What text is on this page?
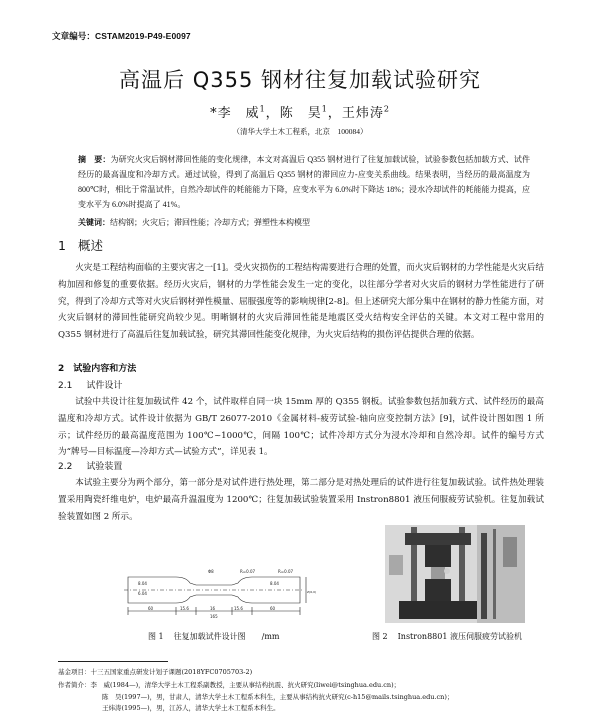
文章编号：CSTAM2019-P49-E0097
高温后 Q355 钢材往复加载试验研究
*李　威$^1$，陈　昊$^1$，王炜涛$^2$
（清华大学土木工程系，北京　100084）
摘　要：为研究火灾后钢材滞回性能的变化规律，本文对高温后 Q355 钢材进行了往复加载试验，试验参数包括加载方式、试件经历的最高温度和冷却方式。通过试验，得到了高温后 Q355 钢材的滞回应力-应变关系曲线。结果表明，当经历的最高温度为 800℃时，相比于常温试件，自然冷却试件的耗能能力下降，应变水平为 6.0%时下降达 18%；浸水冷却试件的耗能能力提高，应变水平为 6.0%时提高了 41%。
关键词：结构钢；火灾后；滞回性能；冷却方式；弹塑性本构模型
1 概述
火灾是工程结构面临的主要灾害之一[1]。受火灾损伤的工程结构需要进行合理的处置，而火灾后钢材的力学性能是火灾后结构加固和修复的重要依据。经历火灾后，钢材的力学性能会发生一定的变化，以往部分学者对火灾后的钢材力学性能进行了研究，得到了冷却方式等对火灾后钢材弹性模量、屈服强度等的影响规律[2-8]。但上述研究大部分集中在钢材的静力性能方面，对火灾后钢材的滞回性能研究尚较少见。明晰钢材的火灾后滞回性能是地震区受火结构安全评估的关键。本文对工程中常用的 Q355 钢材进行了高温后往复加载试验，研究其滞回性能变化规律，为火灾后结构的损伤评估提供合理的依据。
2　试验内容和方法
2.1 试件设计
试验中共设计往复加载试件 42 个，试件取样自同一块 15mm 厚的 Q355 钢板。试验参数包括加载方式、试件经历的最高温度和冷却方式。试件设计依据为 GB/T 26077-2010《金属材料-疲劳试验-轴向应变控制方法》[9]，试件设计图如图 1 所示；试件经历的最高温度范围为 100℃~1000℃，间隔 100℃；试件冷却方式分为浸水冷却和自然冷却。试件的编号方式为“牌号—目标温度—冷却方式—试验方式”，详见表 1。
2.2 试验装置
本试验主要分为两个部分，第一部分是对试件进行热处理，第二部分是对热处理后的试件进行往复加载试验。试件热处理装置采用陶瓷纤维电炉，电炉最高升温温度为 1200℃；往复加载试验装置采用 Instron8801 液压伺服疲劳试验机。往复加载试验装置如图 2 所示。
Φ8	R=0.07	R=0.07
8.04
6.04
8.04
60	15.6	16	15.6	60
165
Z(6,0)
图 1 往复加载试件设计图　　/mm	图 2 Instron8801 液压伺服疲劳试验机
基金项目：十三五国家重点研发计划子课题(2018YFC0705703-2)
作者简介：李　威(1984—)，清华大学土木工程系副教授，主要从事结构抗震、抗火研究(liwei@tsinghua.edu.cn)；
陈　昊(1997—)，男，甘肃人，清华大学土木工程系本科生，主要从事结构抗火研究(c-h15@mails.tsinghua.edu.cn)；
王炜涛(1995—)，男，江苏人，清华大学土木工程系本科生。
